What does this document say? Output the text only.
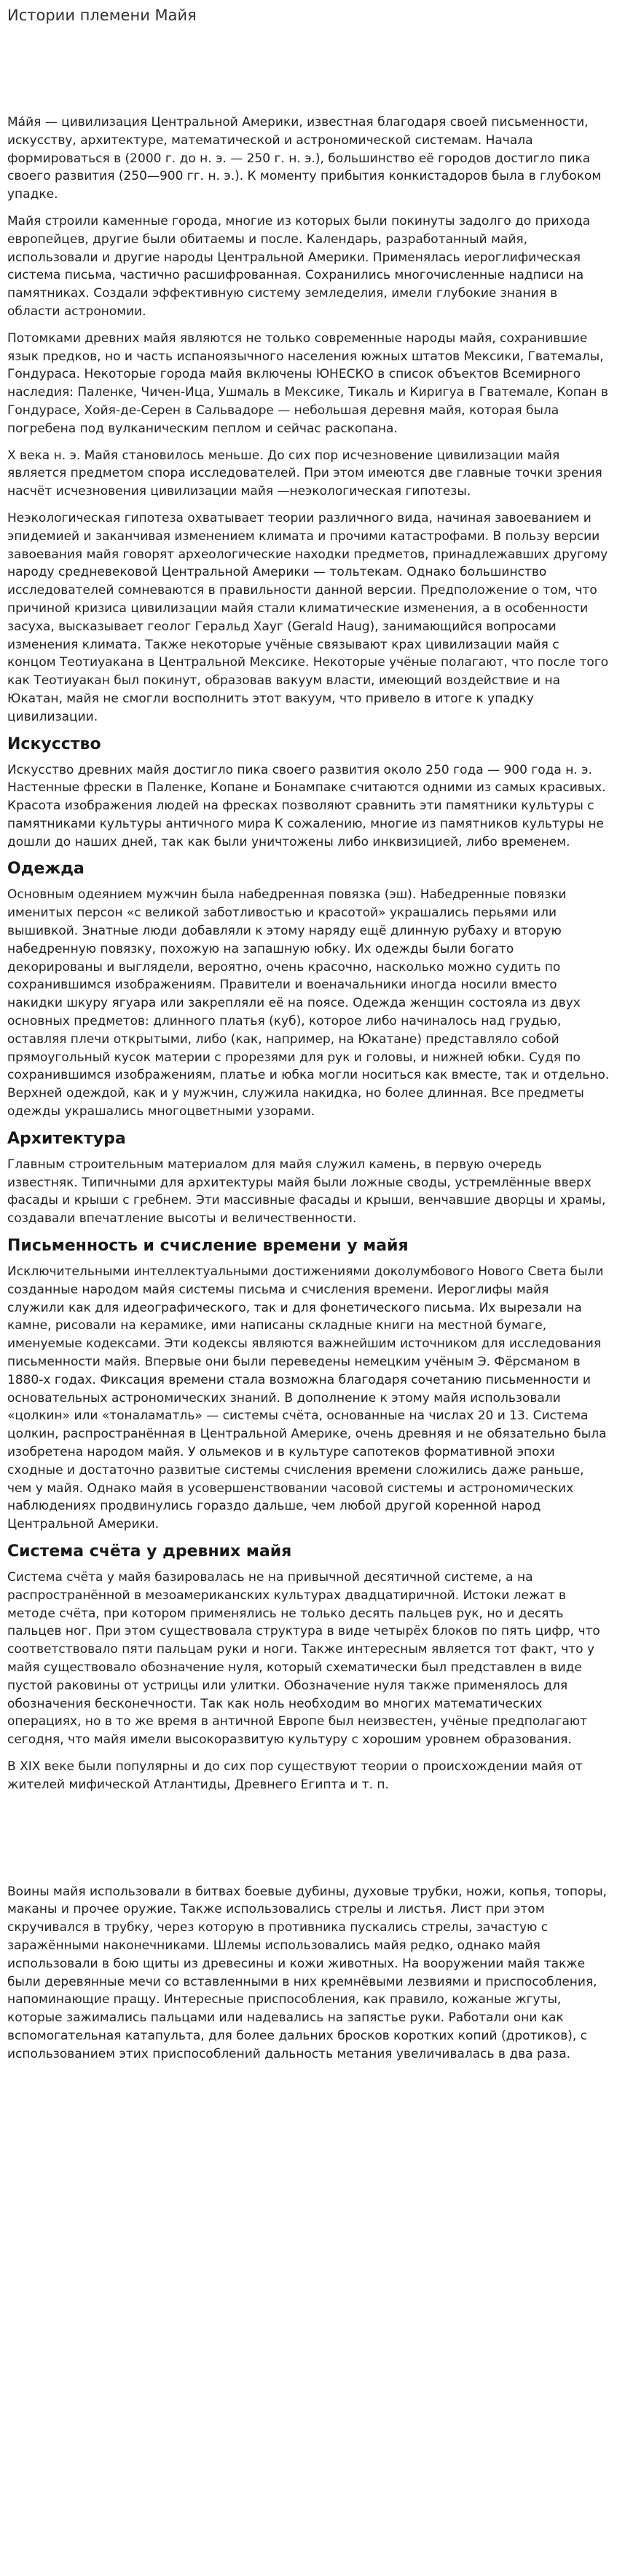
Истории племени Майя

Ма́йя — цивилизация Центральной Америки, известная благодаря своей письменности, искусству, архитектуре, математической и астрономической системам. Начала формироваться в (2000 г. до н. э. — 250 г. н. э.), большинство её городов достигло пика своего развития (250—900 гг. н. э.). К моменту прибытия конкистадоров была в глубоком упадке.

Майя строили каменные города, многие из которых были покинуты задолго до прихода европейцев, другие были обитаемы и после. Календарь, разработанный майя, использовали и другие народы Центральной Америки. Применялась иероглифическая система письма, частично расшифрованная. Сохранились многочисленные надписи на памятниках. Создали эффективную систему земледелия, имели глубокие знания в области астрономии.

Потомками древних майя являются не только современные народы майя, сохранившие язык предков, но и часть испаноязычного населения южных штатов Мексики, Гватемалы, Гондураса. Некоторые города майя включены ЮНЕСКО в список объектов Всемирного наследия: Паленке, Чичен-Ица, Ушмаль в Мексике, Тикаль и Киригуа в Гватемале, Копан в Гондурасе, Хойя-де-Серен в Сальвадоре — небольшая деревня майя, которая была погребена под вулканическим пеплом и сейчас раскопана.

X века н. э. Майя становилось меньше. До сих пор исчезновение цивилизации майя является предметом спора исследователей. При этом имеются две главные точки зрения насчёт исчезновения цивилизации майя —неэкологическая гипотезы.

Неэкологическая гипотеза охватывает теории различного вида, начиная завоеванием и эпидемией и заканчивая изменением климата и прочими катастрофами. В пользу версии завоевания майя говорят археологические находки предметов, принадлежавших другому народу средневековой Центральной Америки — тольтекам. Однако большинство исследователей сомневаются в правильности данной версии. Предположение о том, что причиной кризиса цивилизации майя стали климатические изменения, а в особенности засуха, высказывает геолог Геральд Хауг (Gerald Haug), занимающийся вопросами изменения климата. Также некоторые учёные связывают крах цивилизации майя с концом Теотиуакана в Центральной Мексике. Некоторые учёные полагают, что после того как Теотиуакан был покинут, образовав вакуум власти, имеющий воздействие и на Юкатан, майя не смогли восполнить этот вакуум, что привело в итоге к упадку цивилизации.

Искусство

Искусство древних майя достигло пика своего развития около 250 года — 900 года н. э. Настенные фрески в Паленке, Копане и Бонампаке считаются одними из самых красивых. Красота изображения людей на фресках позволяют сравнить эти памятники культуры с памятниками культуры античного мира К сожалению, многие из памятников культуры не дошли до наших дней, так как были уничтожены либо инквизицией, либо временем.

Одежда

Основным одеянием мужчин была набедренная повязка (эш). Набедренные повязки именитых персон «с великой заботливостью и красотой» украшались перьями или вышивкой. Знатные люди добавляли к этому наряду ещё длинную рубаху и вторую набедренную повязку, похожую на запашную юбку. Их одежды были богато декорированы и выглядели, вероятно, очень красочно, насколько можно судить по сохранившимся изображениям. Правители и военачальники иногда носили вместо накидки шкуру ягуара или закрепляли её на поясе. Одежда женщин состояла из двух основных предметов: длинного платья (куб), которое либо начиналось над грудью, оставляя плечи открытыми, либо (как, например, на Юкатане) представляло собой прямоугольный кусок материи с прорезями для рук и головы, и нижней юбки. Судя по сохранившимся изображениям, платье и юбка могли носиться как вместе, так и отдельно. Верхней одеждой, как и у мужчин, служила накидка, но более длинная. Все предметы одежды украшались многоцветными узорами.

Архитектура

Главным строительным материалом для майя служил камень, в первую очередь известняк. Типичными для архитектуры майя были ложные своды, устремлённые вверх фасады и крыши с гребнем. Эти массивные фасады и крыши, венчавшие дворцы и храмы, создавали впечатление высоты и величественности.

Письменность и счисление времени у майя

Исключительными интеллектуальными достижениями доколумбового Нового Света были созданные народом майя системы письма и счисления времени. Иероглифы майя служили как для идеографического, так и для фонетического письма. Их вырезали на камне, рисовали на керамике, ими написаны складные книги на местной бумаге, именуемые кодексами. Эти кодексы являются важнейшим источником для исследования письменности майя. Впервые они были переведены немецким учёным Э. Фёрсманом в 1880-х годах. Фиксация времени стала возможна благодаря сочетанию письменности и основательных астрономических знаний. В дополнение к этому майя использовали «цолкин» или «тоналаматль» — системы счёта, основанные на числах 20 и 13. Система цолкин, распространённая в Центральной Америке, очень древняя и не обязательно была изобретена народом майя. У ольмеков и в культуре сапотеков формативной эпохи сходные и достаточно развитые системы счисления времени сложились даже раньше, чем у майя. Однако майя в усовершенствовании часовой системы и астрономических наблюдениях продвинулись гораздо дальше, чем любой другой коренной народ Центральной Америки.

Система счёта у древних майя

Система счёта у майя базировалась не на привычной десятичной системе, а на распространённой в мезоамериканских культурах двадцатиричной. Истоки лежат в методе счёта, при котором применялись не только десять пальцев рук, но и десять пальцев ног. При этом существовала структура в виде четырёх блоков по пять цифр, что соответствовало пяти пальцам руки и ноги. Также интересным является тот факт, что у майя существовало обозначение нуля, который схематически был представлен в виде пустой раковины от устрицы или улитки. Обозначение нуля также применялось для обозначения бесконечности. Так как ноль необходим во многих математических операциях, но в то же время в античной Европе был неизвестен, учёные предполагают сегодня, что майя имели высокоразвитую культуру с хорошим уровнем образования.

В XIX веке были популярны и до сих пор существуют теории о происхождении майя от жителей мифической Атлантиды, Древнего Египта и т. п.

Воины майя использовали в битвах боевые дубины, духовые трубки, ножи, копья, топоры, маканы и прочее оружие. Также использовались стрелы и листья. Лист при этом скручивался в трубку, через которую в противника пускались стрелы, зачастую с заражёнными наконечниками. Шлемы использовались майя редко, однако майя использовали в бою щиты из древесины и кожи животных. На вооружении майя также были деревянные мечи со вставленными в них кремнёвыми лезвиями и приспособления, напоминающие пращу. Интересные приспособления, как правило, кожаные жгуты, которые зажимались пальцами или надевались на запястье руки. Работали они как вспомогательная катапульта, для более дальних бросков коротких копий (дротиков), с использованием этих приспособлений дальность метания увеличивалась в два раза.
